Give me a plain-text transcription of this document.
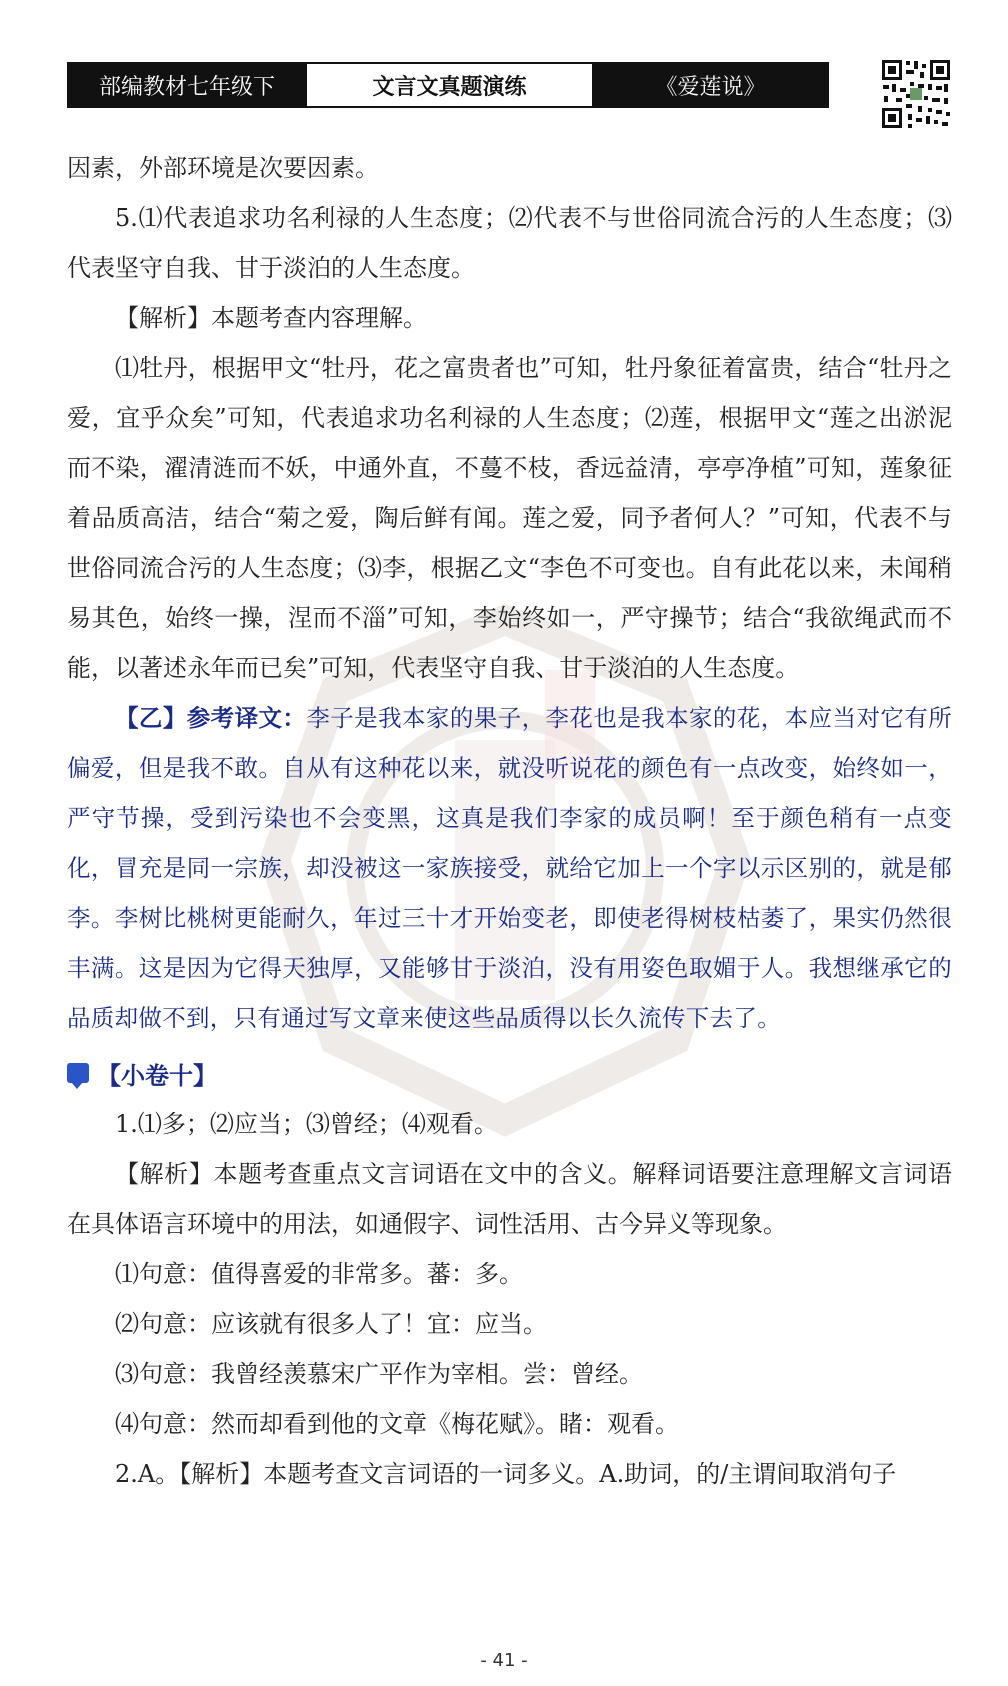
部编教材七年级下	文言文真题演练	《爱莲说》

因素，外部环境是次要因素。

5.⑴代表追求功名利禄的人生态度；⑵代表不与世俗同流合污的人生态度；⑶代表坚守自我、甘于淡泊的人生态度。

【解析】本题考查内容理解。

⑴牡丹，根据甲文“牡丹，花之富贵者也”可知，牡丹象征着富贵，结合“牡丹之爱，宜乎众矣”可知，代表追求功名利禄的人生态度；⑵莲，根据甲文“莲之出淤泥而不染，濯清涟而不妖，中通外直，不蔓不枝，香远益清，亭亭净植”可知，莲象征着品质高洁，结合“菊之爱，陶后鲜有闻。莲之爱，同予者何人？”可知，代表不与世俗同流合污的人生态度；⑶李，根据乙文“李色不可变也。自有此花以来，未闻稍易其色，始终一操，涅而不淄”可知，李始终如一，严守操节；结合“我欲绳武而不能，以著述永年而已矣”可知，代表坚守自我、甘于淡泊的人生态度。

【乙】参考译文：李子是我本家的果子，李花也是我本家的花，本应当对它有所偏爱，但是我不敢。自从有这种花以来，就没听说花的颜色有一点改变，始终如一，严守节操，受到污染也不会变黑，这真是我们李家的成员啊！至于颜色稍有一点变化，冒充是同一宗族，却没被这一家族接受，就给它加上一个字以示区别的，就是郁李。李树比桃树更能耐久，年过三十才开始变老，即使老得树枝枯萎了，果实仍然很丰满。这是因为它得天独厚，又能够甘于淡泊，没有用姿色取媚于人。我想继承它的品质却做不到，只有通过写文章来使这些品质得以长久流传下去了。

【小卷十】

1.⑴多；⑵应当；⑶曾经；⑷观看。

【解析】本题考查重点文言词语在文中的含义。解释词语要注意理解文言词语在具体语言环境中的用法，如通假字、词性活用、古今异义等现象。

⑴句意：值得喜爱的非常多。蕃：多。

⑵句意：应该就有很多人了！宜：应当。

⑶句意：我曾经羡慕宋广平作为宰相。尝：曾经。

⑷句意：然而却看到他的文章《梅花赋》。睹：观看。

2.A。【解析】本题考查文言词语的一词多义。A.助词，的/主谓间取消句子

- 41 -
